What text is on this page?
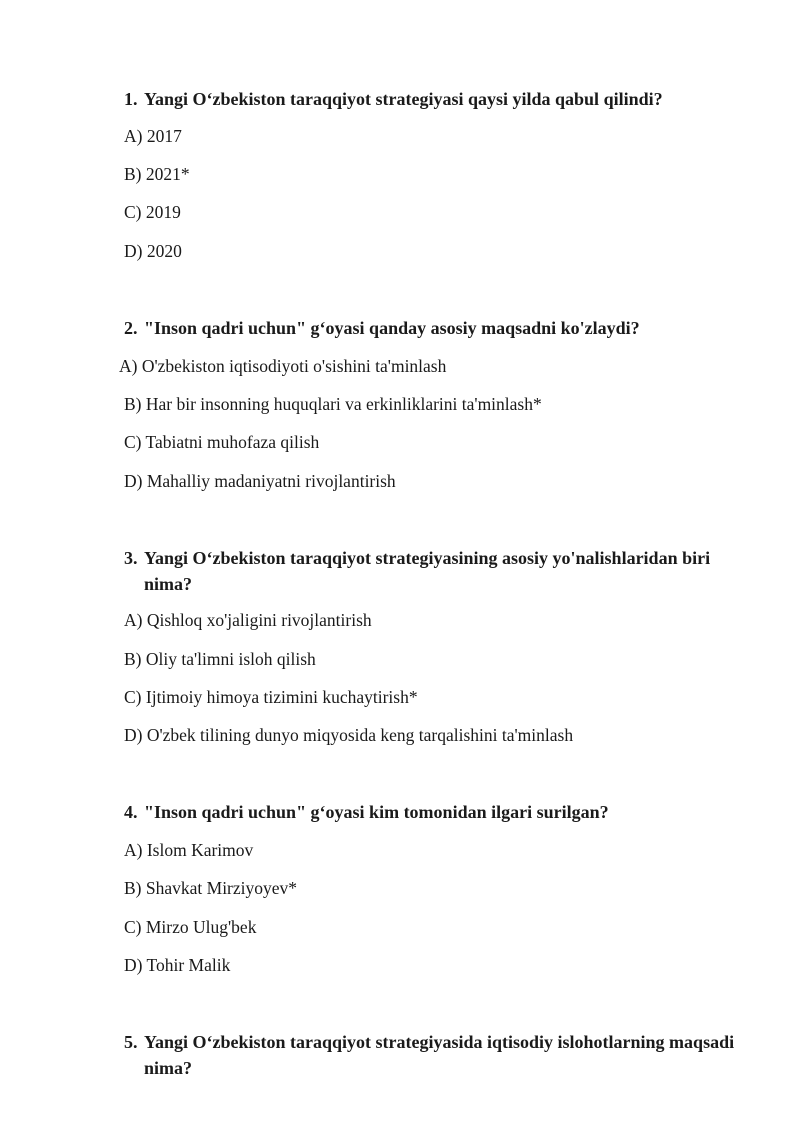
1. Yangi O‘zbekiston taraqqiyot strategiyasi qaysi yilda qabul qilindi?
A) 2017
B) 2021*
C) 2019
D) 2020
2. "Inson qadri uchun" g‘oyasi qanday asosiy maqsadni ko'zlaydi?
A) O'zbekiston iqtisodiyoti o'sishini ta'minlash
B) Har bir insonning huquqlari va erkinliklarini ta'minlash*
C) Tabiatni muhofaza qilish
D) Mahalliy madaniyatni rivojlantirish
3. Yangi O‘zbekiston taraqqiyot strategiyasining asosiy yo'nalishlaridan biri nima?
A) Qishloq xo'jaligini rivojlantirish
B) Oliy ta'limni isloh qilish
C) Ijtimoiy himoya tizimini kuchaytirish*
D) O'zbek tilining dunyo miqyosida keng tarqalishini ta'minlash
4. "Inson qadri uchun" g‘oyasi kim tomonidan ilgari surilgan?
A) Islom Karimov
B) Shavkat Mirziyoyev*
C) Mirzo Ulug'bek
D) Tohir Malik
5. Yangi O‘zbekiston taraqqiyot strategiyasida iqtisodiy islohotlarning maqsadi nima?
